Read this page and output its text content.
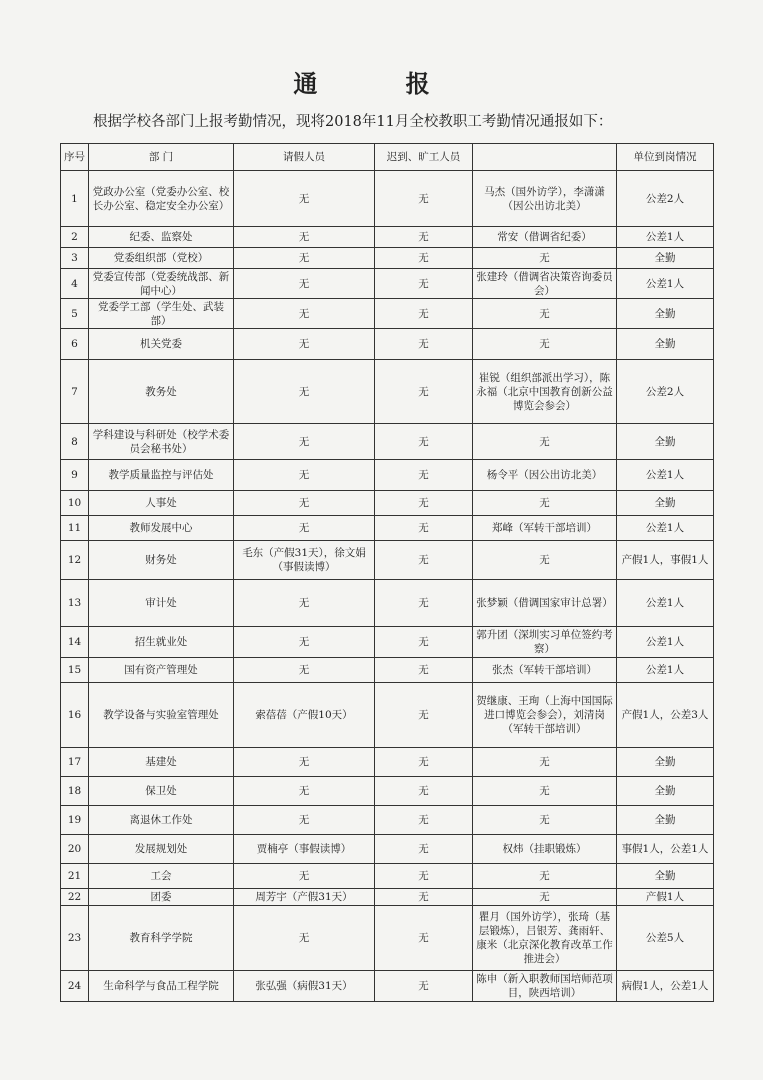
通 报
根据学校各部门上报考勤情况，现将2018年11月全校教职工考勤情况通报如下：
序号	部 门	请假人员	迟到、旷工人员		单位到岗情况
1	党政办公室（党委办公室、校长办公室、稳定安全办公室）	无	无	马杰（国外访学），李潇潇（因公出访北美）	公差2人
2	纪委、监察处	无	无	常安（借调省纪委）	公差1人
3	党委组织部（党校）	无	无	无	全勤
4	党委宣传部（党委统战部、新闻中心）	无	无	张建玲（借调省决策咨询委员会）	公差1人
5	党委学工部（学生处、武装部）	无	无	无	全勤
6	机关党委	无	无	无	全勤
7	教务处	无	无	崔锐（组织部派出学习），陈永福（北京中国教育创新公益博览会参会）	公差2人
8	学科建设与科研处（校学术委员会秘书处）	无	无	无	全勤
9	教学质量监控与评估处	无	无	杨令平（因公出访北美）	公差1人
10	人事处	无	无	无	全勤
11	教师发展中心	无	无	郑峰（军转干部培训）	公差1人
12	财务处	毛东（产假31天），徐文娟（事假读博）	无	无	产假1人，事假1人
13	审计处	无	无	张梦颖（借调国家审计总署）	公差1人
14	招生就业处	无	无	郭升团（深圳实习单位签约考察）	公差1人
15	国有资产管理处	无	无	张杰（军转干部培训）	公差1人
16	教学设备与实验室管理处	索蓓蓓（产假10天）	无	贺继康、王珣（上海中国国际进口博览会参会），刘清岗（军转干部培训）	产假1人，公差3人
17	基建处	无	无	无	全勤
18	保卫处	无	无	无	全勤
19	离退休工作处	无	无	无	全勤
20	发展规划处	贾楠亭（事假读博）	无	权炜（挂职锻炼）	事假1人，公差1人
21	工会	无	无	无	全勤
22	团委	周芳宇（产假31天）	无	无	产假1人
23	教育科学学院	无	无	瞿月（国外访学），张琦（基层锻炼），吕银芳、龚雨轩、康米（北京深化教育改革工作推进会）	公差5人
24	生命科学与食品工程学院	张弘强（病假31天）	无	陈申（新入职教师国培师范项目，陕西培训）	病假1人，公差1人
